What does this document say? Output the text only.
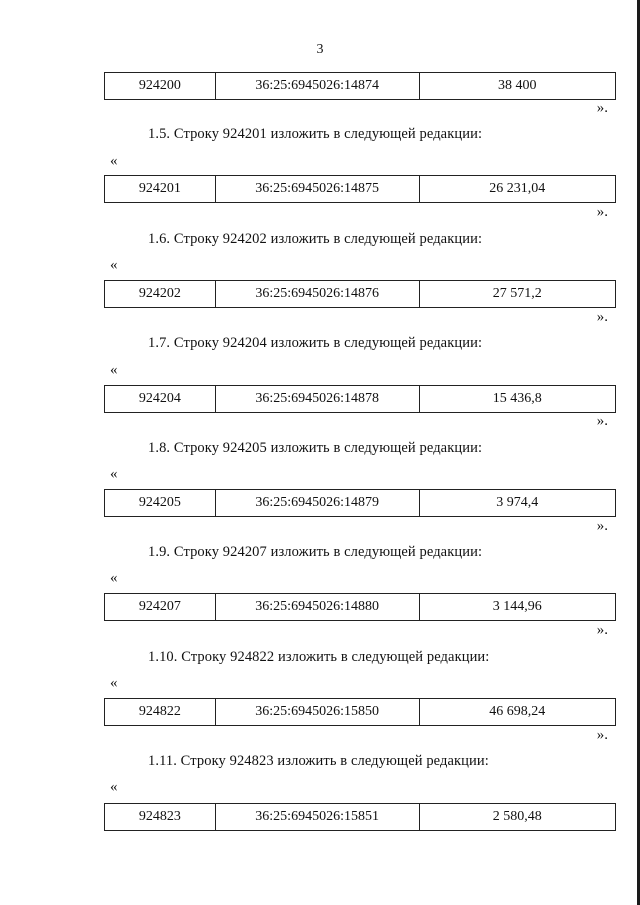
3
924200	36:25:6945026:14874	38 400
».
1.5. Строку 924201 изложить в следующей редакции:
«
924201	36:25:6945026:14875	26 231,04
».
1.6. Строку 924202 изложить в следующей редакции:
«
924202	36:25:6945026:14876	27 571,2
».
1.7. Строку 924204 изложить в следующей редакции:
«
924204	36:25:6945026:14878	15 436,8
».
1.8. Строку 924205 изложить в следующей редакции:
«
924205	36:25:6945026:14879	3 974,4
».
1.9. Строку 924207 изложить в следующей редакции:
«
924207	36:25:6945026:14880	3 144,96
».
1.10. Строку 924822 изложить в следующей редакции:
«
924822	36:25:6945026:15850	46 698,24
».
1.11. Строку 924823 изложить в следующей редакции:
«
924823	36:25:6945026:15851	2 580,48
